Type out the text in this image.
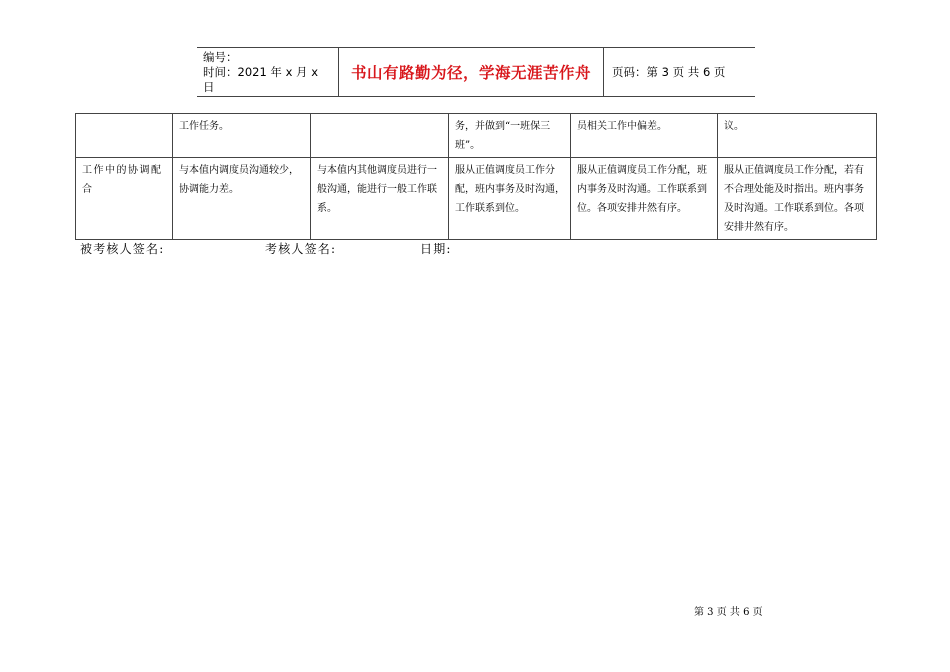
编号：
时间：2021 年 x 月 x 日
	书山有路勤为径，学海无涯苦作舟	页码：第 3 页 共 6 页
	工作任务。		务，并做到“一班保三班”。	员相关工作中偏差。	议。
工作中的协调配合	与本值内调度员沟通较少，协调能力差。	与本值内其他调度员进行一般沟通，能进行一般工作联系。	服从正值调度员工作分配，班内事务及时沟通，工作联系到位。	服从正值调度员工作分配，班内事务及时沟通。工作联系到位。各项安排井然有序。	服从正值调度员工作分配，若有不合理处能及时指出。班内事务及时沟通。工作联系到位。各项安排井然有序。
被考核人签名:	考核人签名:	日期:
第 3 页 共 6 页
